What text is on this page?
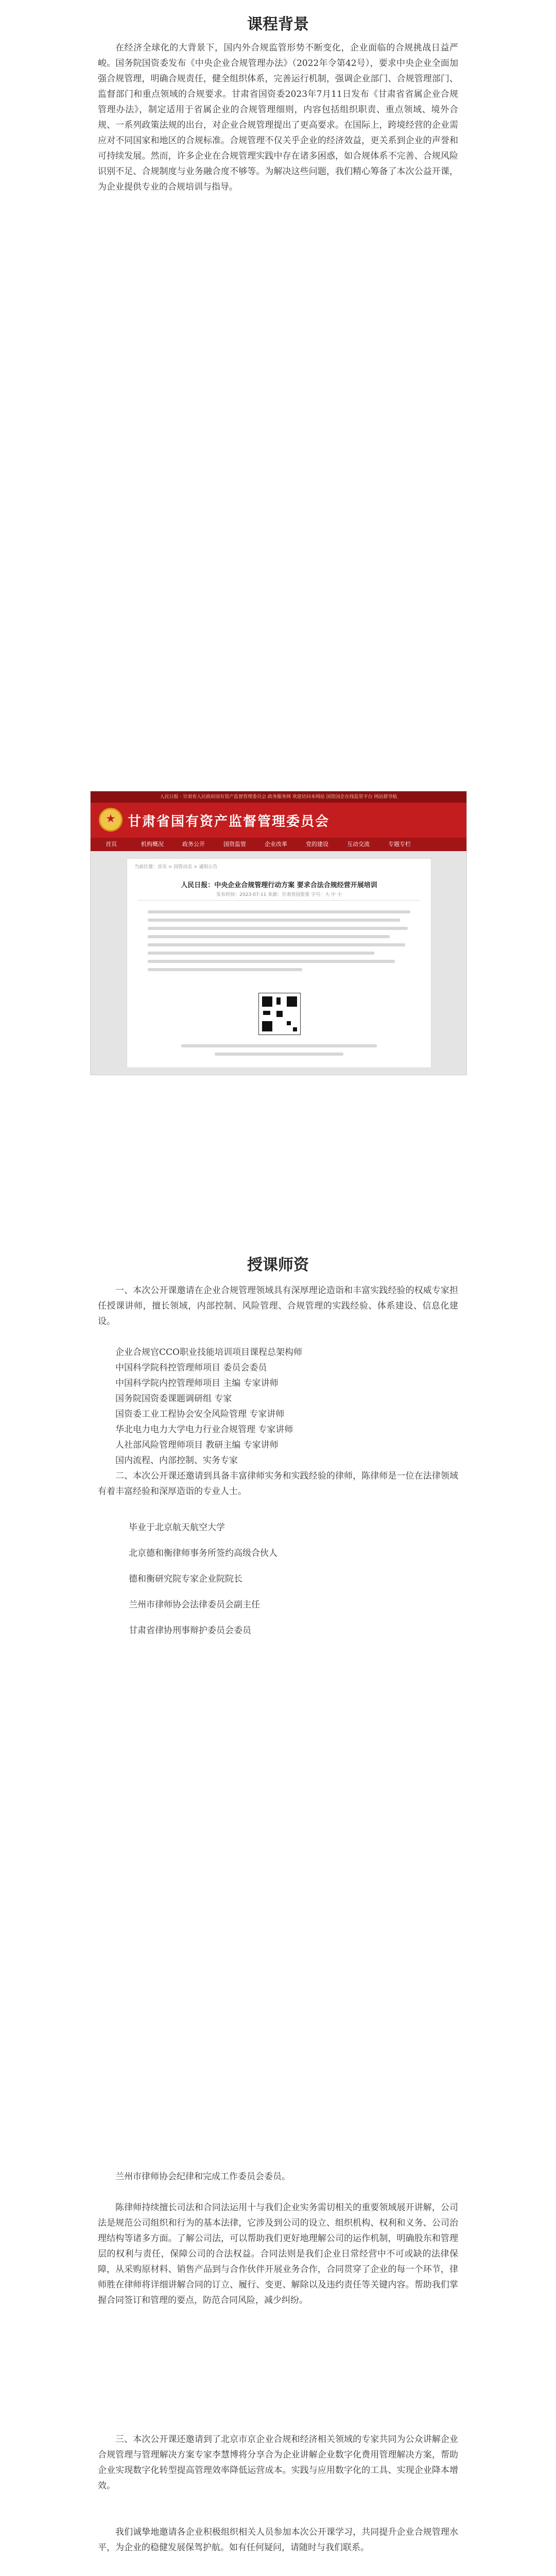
课程背景
在经济全球化的大背景下，国内外合规监管形势不断变化，企业面临的合规挑战日益严峻。国务院国资委发布《中央企业合规管理办法》（2022年令第42号），要求中央企业全面加强合规管理，明确合规责任，健全组织体系，完善运行机制，强调企业部门、合规管理部门、监督部门和重点领域的合规要求。甘肃省国资委2023年7月11日发布《甘肃省省属企业合规管理办法》，制定适用于省属企业的合规管理细则，内容包括组织职责、重点领域、境外合规、一系列政策法规的出台，对企业合规管理提出了更高要求。在国际上，跨境经营的企业需应对不同国家和地区的合规标准。合规管理不仅关乎企业的经济效益，更关系到企业的声誉和可持续发展。然而，许多企业在合规管理实践中存在诸多困惑，如合规体系不完善、合规风险识别不足、合规制度与业务融合度不够等。为解决这些问题，我们精心筹备了本次公益开课，为企业提供专业的合规培训与指导。
人民日报 · 甘肃省人民政府国有资产监督管理委员会 政务服务网 欢迎访问本网站 国资国企在线监管平台 网站群导航
★ 甘肃省国有资产监督管理委员会
首页	机构概况	政务公开	国资监管	企业改革	党的建设	互动交流	专题专栏
当前位置：首页 > 国资动态 > 通知公告
人民日报：中央企业合规管理行动方案 要求合法合规经营开展培训
发布时间：2023-07-11 来源：甘肃省国资委 字号：大 中 小
授课师资
一、本次公开课邀请在企业合规管理领域具有深厚理论造诣和丰富实践经验的权威专家担任授课讲师，擅长领域，内部控制、风险管理、合规管理的实践经验、体系建设、信息化建设。
企业合规官CCO职业技能培训项目课程总架构师
中国科学院科控管理师项目 委员会委员
中国科学院内控管理师项目 主编 专家讲师
国务院国资委课题调研组 专家
国资委工业工程协会安全风险管理 专家讲师
华北电力电力大学电力行业合规管理 专家讲师
人社部风险管理师项目 教研主编 专家讲师
国内流程、内部控制、实务专家
二、本次公开课还邀请到具备丰富律师实务和实践经验的律师，陈律师是一位在法律领域有着丰富经验和深厚造诣的专业人士。
毕业于北京航天航空大学
北京德和衡律师事务所签约高级合伙人
德和衡研究院专家企业院院长
兰州市律师协会法律委员会副主任
甘肃省律协刑事辩护委员会委员
兰州市律师协会纪律和完成工作委员会委员。
陈律师持续擅长司法和合同法运用十与我们企业实务需切相关的重要领域展开讲解，公司法是规范公司组织和行为的基本法律，它涉及到公司的设立、组织机构、权利和义务、公司治理结构等诸多方面。了解公司法，可以帮助我们更好地理解公司的运作机制，明确股东和管理层的权利与责任，保障公司的合法权益。合同法则是我们企业日常经营中不可或缺的法律保障，从采购原材料、销售产品到与合作伙伴开展业务合作，合同贯穿了企业的每一个环节，律师胜在律师将详细讲解合同的订立、履行、变更、解除以及违约责任等关键内容。帮助我们掌握合同签订和管理的要点，防范合同风险，减少纠纷。
三、本次公开课还邀请到了北京市京企业合规和经济相关领域的专家共同为公众讲解企业合规管理与管理解决方案专家李慧博将分享合为企业讲解企业数字化费用管理解决方案，帮助企业实现数字化转型提高管理效率降低运营成本。实践与应用数字化的工具、实现企业降本增效。
我们诚挚地邀请各企业积极组织相关人员参加本次公开课学习，共同提升企业合规管理水平，为企业的稳健发展保驾护航。如有任何疑问，请随时与我们联系。
